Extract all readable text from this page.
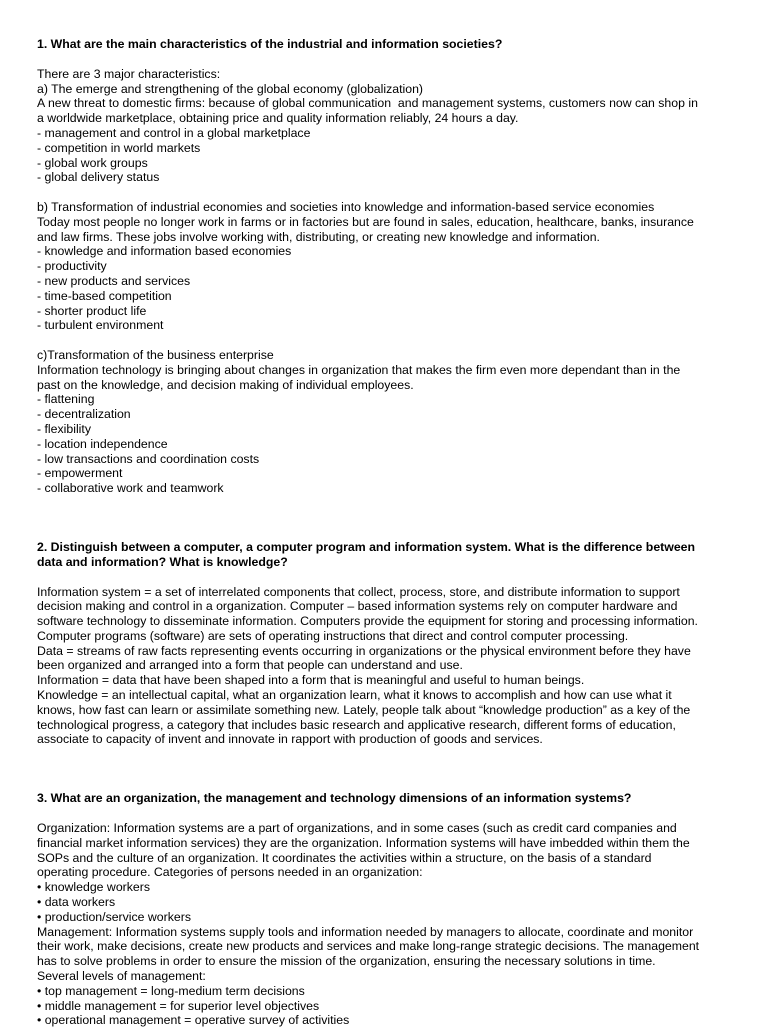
1. What are the main characteristics of the industrial and information societies?
There are 3 major characteristics:
a) The emerge and strengthening of the global economy (globalization)
A new threat to domestic firms: because of global communication  and management systems, customers now can shop in
a worldwide marketplace, obtaining price and quality information reliably, 24 hours a day.
- management and control in a global marketplace
- competition in world markets
- global work groups
- global delivery status

b) Transformation of industrial economies and societies into knowledge and information-based service economies
Today most people no longer work in farms or in factories but are found in sales, education, healthcare, banks, insurance
and law firms. These jobs involve working with, distributing, or creating new knowledge and information.
- knowledge and information based economies
- productivity
- new products and services
- time-based competition
- shorter product life
- turbulent environment

c)Transformation of the business enterprise
Information technology is bringing about changes in organization that makes the firm even more dependant than in the
past on the knowledge, and decision making of individual employees.
- flattening
- decentralization
- flexibility
- location independence
- low transactions and coordination costs
- empowerment
- collaborative work and teamwork
2. Distinguish between a computer, a computer program and information system. What is the difference between
data and information? What is knowledge?
Information system = a set of interrelated components that collect, process, store, and distribute information to support
decision making and control in a organization. Computer – based information systems rely on computer hardware and
software technology to disseminate information. Computers provide the equipment for storing and processing information.
Computer programs (software) are sets of operating instructions that direct and control computer processing.
Data = streams of raw facts representing events occurring in organizations or the physical environment before they have
been organized and arranged into a form that people can understand and use.
Information = data that have been shaped into a form that is meaningful and useful to human beings.
Knowledge = an intellectual capital, what an organization learn, what it knows to accomplish and how can use what it
knows, how fast can learn or assimilate something new. Lately, people talk about “knowledge production” as a key of the
technological progress, a category that includes basic research and applicative research, different forms of education,
associate to capacity of invent and innovate in rapport with production of goods and services.
3. What are an organization, the management and technology dimensions of an information systems?
Organization: Information systems are a part of organizations, and in some cases (such as credit card companies and
financial market information services) they are the organization. Information systems will have imbedded within them the
SOPs and the culture of an organization. It coordinates the activities within a structure, on the basis of a standard
operating procedure. Categories of persons needed in an organization:
• knowledge workers
• data workers
• production/service workers
Management: Information systems supply tools and information needed by managers to allocate, coordinate and monitor
their work, make decisions, create new products and services and make long-range strategic decisions. The management
has to solve problems in order to ensure the mission of the organization, ensuring the necessary solutions in time.
Several levels of management:
• top management = long-medium term decisions
• middle management = for superior level objectives
• operational management = operative survey of activities
